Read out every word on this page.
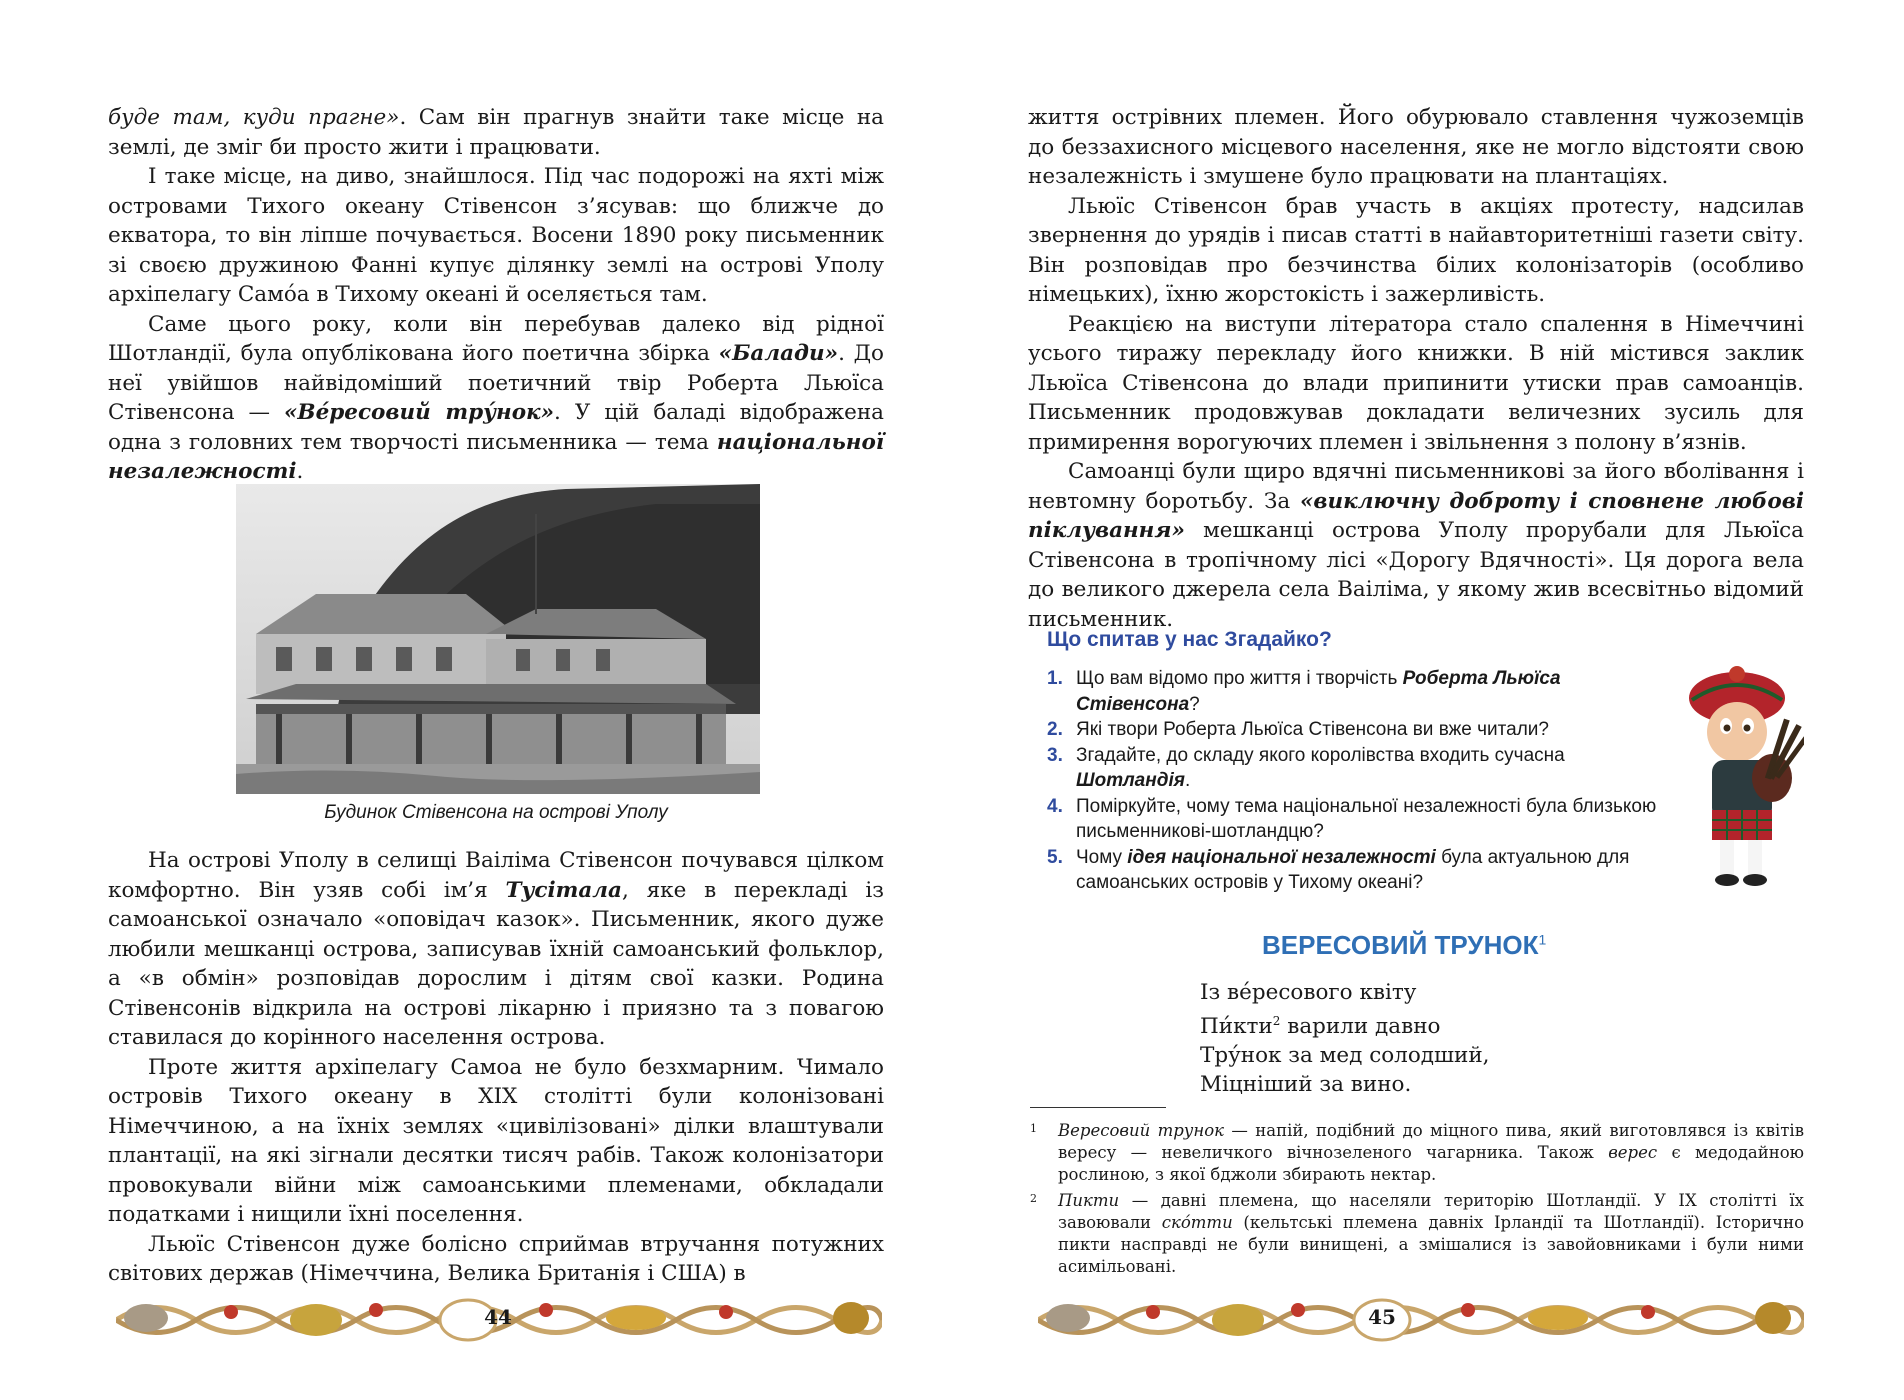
буде там, куди прагне». Сам він прагнув знайти таке місце на землі, де зміг би просто жити і працювати.

І таке місце, на диво, знайшлося. Під час подорожі на яхті між островами Тихого океану Стівенсон з’ясував: що ближче до екватора, то він ліпше почувається. Восени 1890 року письменник зі своєю дружиною Фанні купує ділянку землі на острові Уполу архіпелагу Само́а в Тихому океані й оселяється там.

Саме цього року, коли він перебував далеко від рідної Шотландії, була опублікована його поетична збірка «Балади». До неї увійшов найвідоміший поетичний твір Роберта Льюїса Стівенсона — «Ве́ресовий тру́нок». У цій баладі відображена одна з головних тем творчості письменника — тема національної незалежності.

Будинок Стівенсона на острові Уполу

На острові Уполу в селищі Ваіліма Стівенсон почувався цілком комфортно. Він узяв собі ім’я Тусітала, яке в перекладі із самоанської означало «оповідач казок». Письменник, якого дуже любили мешканці острова, записував їхній самоанський фольклор, а «в обмін» розповідав дорослим і дітям свої казки. Родина Стівенсонів відкрила на острові лікарню і приязно та з повагою ставилася до корінного населення острова.

Проте життя архіпелагу Самоа не було безхмарним. Чимало островів Тихого океану в XIX столітті були колонізовані Німеччиною, а на їхніх землях «цивілізовані» ділки влаштували плантації, на які зігнали десятки тисяч рабів. Також колонізатори провокували війни між самоанськими племенами, обкладали податками і нищили їхні поселення.

Льюїс Стівенсон дуже болісно сприймав втручання потужних світових держав (Німеччина, Велика Британія і США) в

44

життя острівних племен. Його обурювало ставлення чужоземців до беззахисного місцевого населення, яке не могло відстояти свою незалежність і змушене було працювати на плантаціях.

Льюїс Стівенсон брав участь в акціях протесту, надсилав звернення до урядів і писав статті в найавторитетніші газети світу. Він розповідав про безчинства білих колонізаторів (особливо німецьких), їхню жорстокість і зажерливість.

Реакцією на виступи літератора стало спалення в Німеччині усього тиражу перекладу його книжки. В ній містився заклик Льюїса Стівенсона до влади припинити утиски прав самоанців. Письменник продовжував докладати величезних зусиль для примирення ворогуючих племен і звільнення з полону в’язнів.

Самоанці були щиро вдячні письменникові за його вболівання і невтомну боротьбу. За «виключну доброту і сповнене любові піклування» мешканці острова Уполу прорубали для Льюїса Стівенсона в тропічному лісі «Дорогу Вдячності». Ця дорога вела до великого джерела села Ваіліма, у якому жив всесвітньо відомий письменник.

Що спитав у нас Згадайко?
1. Що вам відомо про життя і творчість Роберта Льюїса Стівенсона?
2. Які твори Роберта Льюїса Стівенсона ви вже читали?
3. Згадайте, до складу якого королівства входить сучасна Шотландія.
4. Поміркуйте, чому тема національної незалежності була близькою письменникові-шотландцю?
5. Чому ідея національної незалежності була актуальною для самоанських островів у Тихому океані?
ВЕРЕСОВИЙ ТРУНОК$^1$
Із ве́ресового квіту
Пи́кти$^2$ варили давно
Тру́нок за мед солодший,
Міцніший за вино.
1 Вересовий трунок — напій, подібний до міцного пива, який виготовлявся із квітів вересу — невеличкого вічнозеленого чагарника. Також верес є медодайною рослиною, з якої бджоли збирають нектар.
2 Пикти — давні племена, що населяли територію Шотландії. У IX столітті їх завоювали ско́тти (кельтські племена давніх Ірландії та Шотландії). Історично пикти насправді не були винищені, а змішалися із завойовниками і були ними асимільовані.
45
